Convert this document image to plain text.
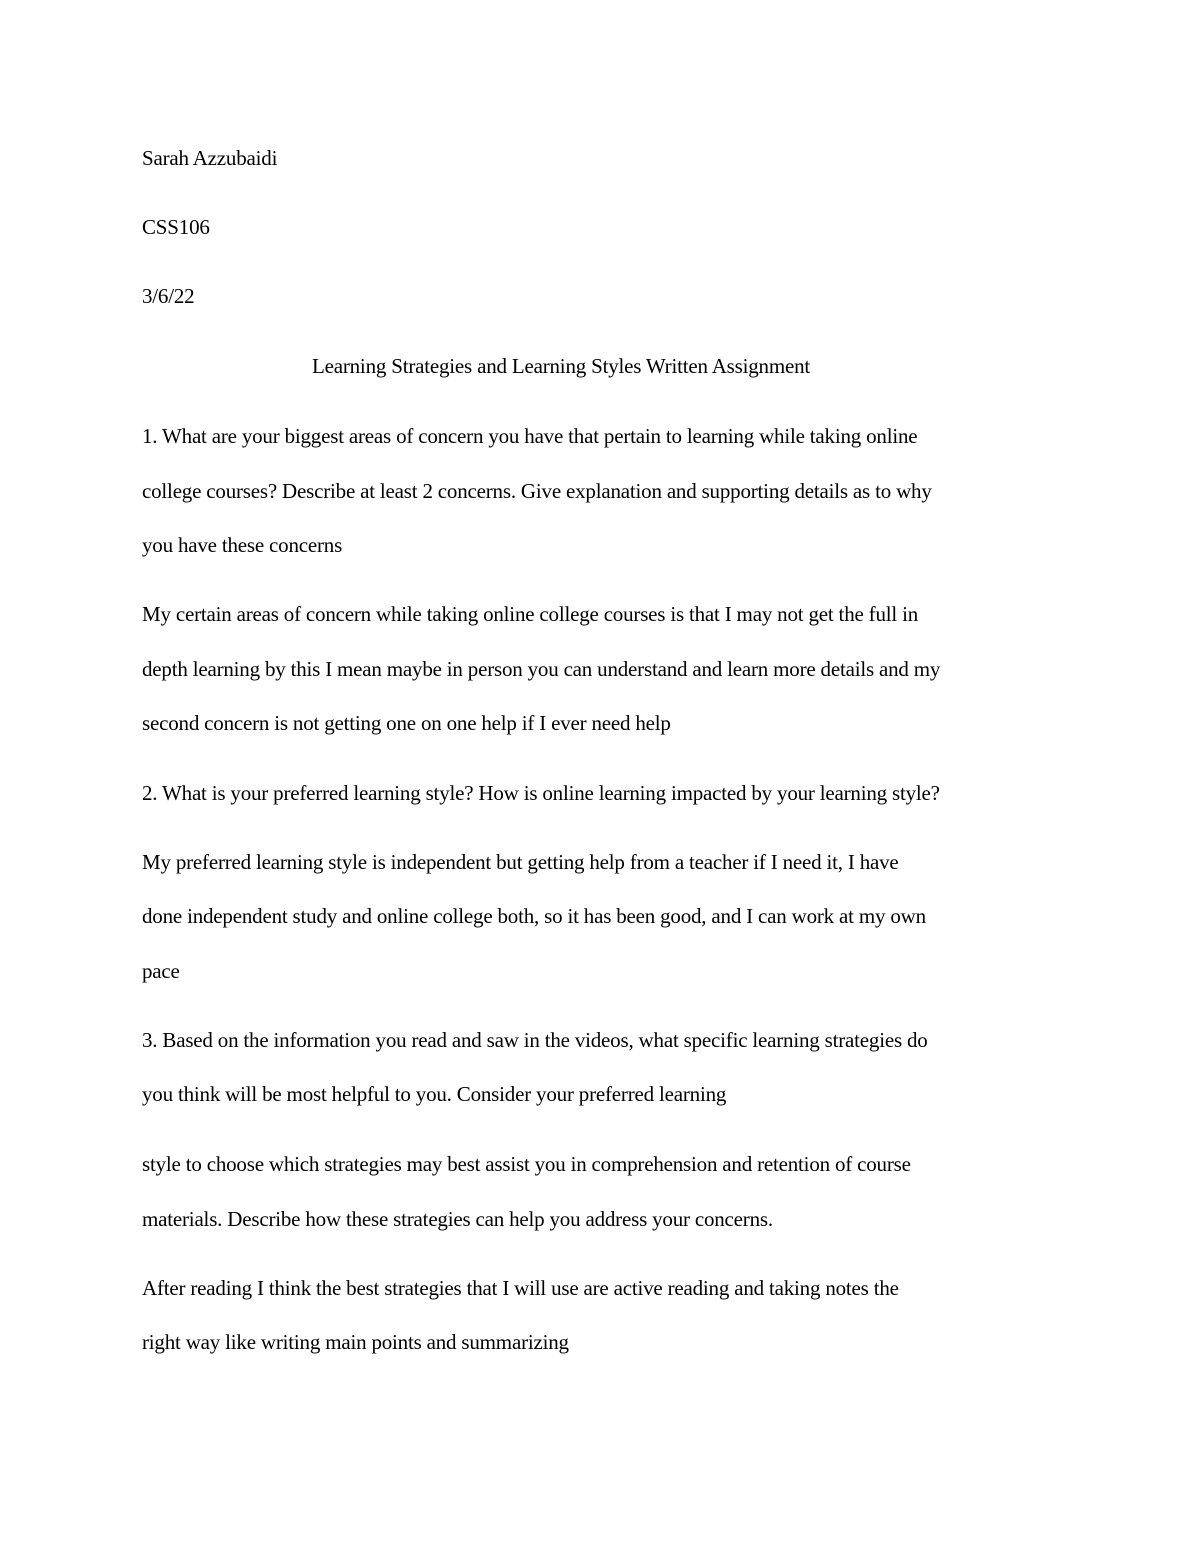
Sarah Azzubaidi
CSS106
3/6/22
Learning Strategies and Learning Styles Written Assignment
1. What are your biggest areas of concern you have that pertain to learning while taking online
college courses? Describe at least 2 concerns. Give explanation and supporting details as to why
you have these concerns
My certain areas of concern while taking online college courses is that I may not get the full in
depth learning by this I mean maybe in person you can understand and learn more details and my
second concern is not getting one on one help if I ever need help
2. What is your preferred learning style? How is online learning impacted by your learning style?
My preferred learning style is independent but getting help from a teacher if I need it, I have
done independent study and online college both, so it has been good, and I can work at my own
pace
3. Based on the information you read and saw in the videos, what specific learning strategies do
you think will be most helpful to you. Consider your preferred learning
style to choose which strategies may best assist you in comprehension and retention of course
materials. Describe how these strategies can help you address your concerns.
After reading I think the best strategies that I will use are active reading and taking notes the
right way like writing main points and summarizing
